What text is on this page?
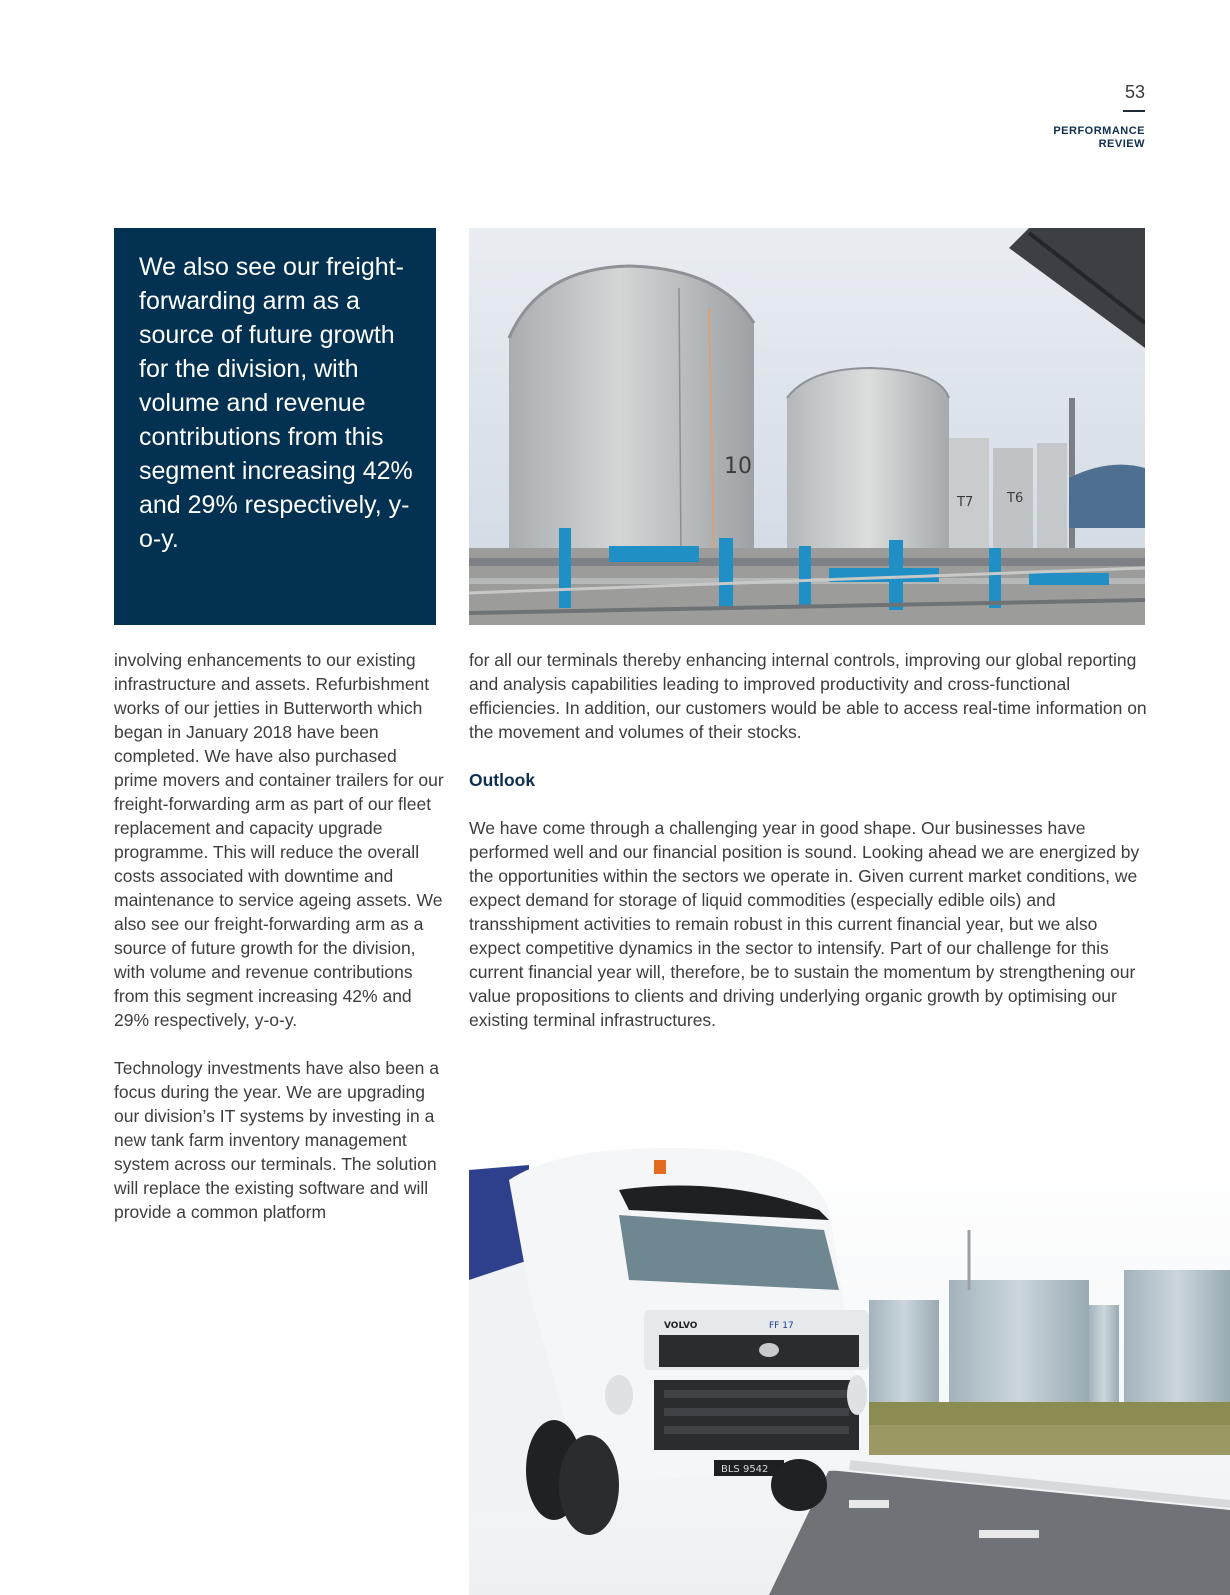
53
PERFORMANCE
REVIEW

We also see our freight-forwarding arm as a source of future growth for the division, with volume and revenue contributions from this segment increasing 42% and 29% respectively, y-o-y.

10
T7	T6

involving enhancements to our existing infrastructure and assets. Refurbishment works of our jetties in Butterworth which began in January 2018 have been completed. We have also purchased prime movers and container trailers for our freight-forwarding arm as part of our fleet replacement and capacity upgrade programme. This will reduce the overall costs associated with downtime and maintenance to service ageing assets. We also see our freight-forwarding arm as a source of future growth for the division, with volume and revenue contributions from this segment increasing 42% and 29% respectively, y-o-y.

Technology investments have also been a focus during the year. We are upgrading our division’s IT systems by investing in a new tank farm inventory management system across our terminals. The solution will replace the existing software and will provide a common platform

for all our terminals thereby enhancing internal controls, improving our global reporting and analysis capabilities leading to improved productivity and cross-functional efficiencies. In addition, our customers would be able to access real-time information on the movement and volumes of their stocks.

Outlook

We have come through a challenging year in good shape. Our businesses have performed well and our financial position is sound. Looking ahead we are energized by the opportunities within the sectors we operate in. Given current market conditions, we expect demand for storage of liquid commodities (especially edible oils) and transshipment activities to remain robust in this current financial year, but we also expect competitive dynamics in the sector to intensify. Part of our challenge for this current financial year will, therefore, be to sustain the momentum by strengthening our value propositions to clients and driving underlying organic growth by optimising our existing terminal infrastructures.

VOLVO	FF 17
BLS 9542
